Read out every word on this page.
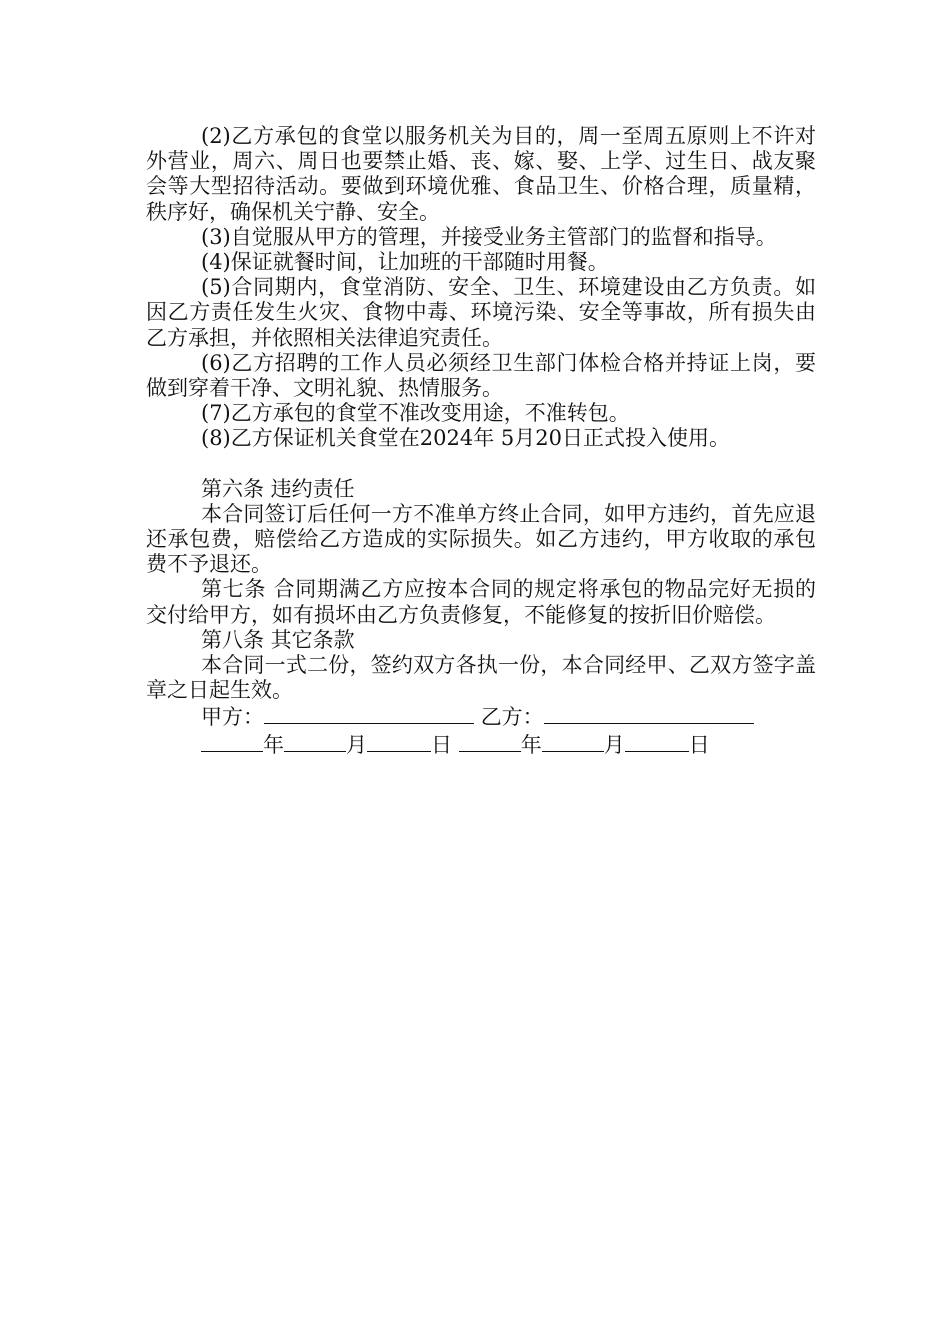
(2)乙方承包的食堂以服务机关为目的，周一至周五原则上不许对外营业，周六、周日也要禁止婚、丧、嫁、娶、上学、过生日、战友聚会等大型招待活动。要做到环境优雅、食品卫生、价格合理，质量精，秩序好，确保机关宁静、安全。

(3)自觉服从甲方的管理，并接受业务主管部门的监督和指导。

(4)保证就餐时间，让加班的干部随时用餐。

(5)合同期内，食堂消防、安全、卫生、环境建设由乙方负责。如因乙方责任发生火灾、食物中毒、环境污染、安全等事故，所有损失由乙方承担，并依照相关法律追究责任。

(6)乙方招聘的工作人员必须经卫生部门体检合格并持证上岗，要做到穿着干净、文明礼貌、热情服务。

(7)乙方承包的食堂不准改变用途，不准转包。

(8)乙方保证机关食堂在2024年 5月20日正式投入使用。

第六条 违约责任

本合同签订后任何一方不准单方终止合同，如甲方违约，首先应退还承包费，赔偿给乙方造成的实际损失。如乙方违约，甲方收取的承包费不予退还。

第七条 合同期满乙方应按本合同的规定将承包的物品完好无损的交付给甲方，如有损坏由乙方负责修复，不能修复的按折旧价赔偿。

第八条 其它条款

本合同一式二份，签约双方各执一份，本合同经甲、乙双方签字盖章之日起生效。

甲方：	乙方：
年	月	日	年	月	日
